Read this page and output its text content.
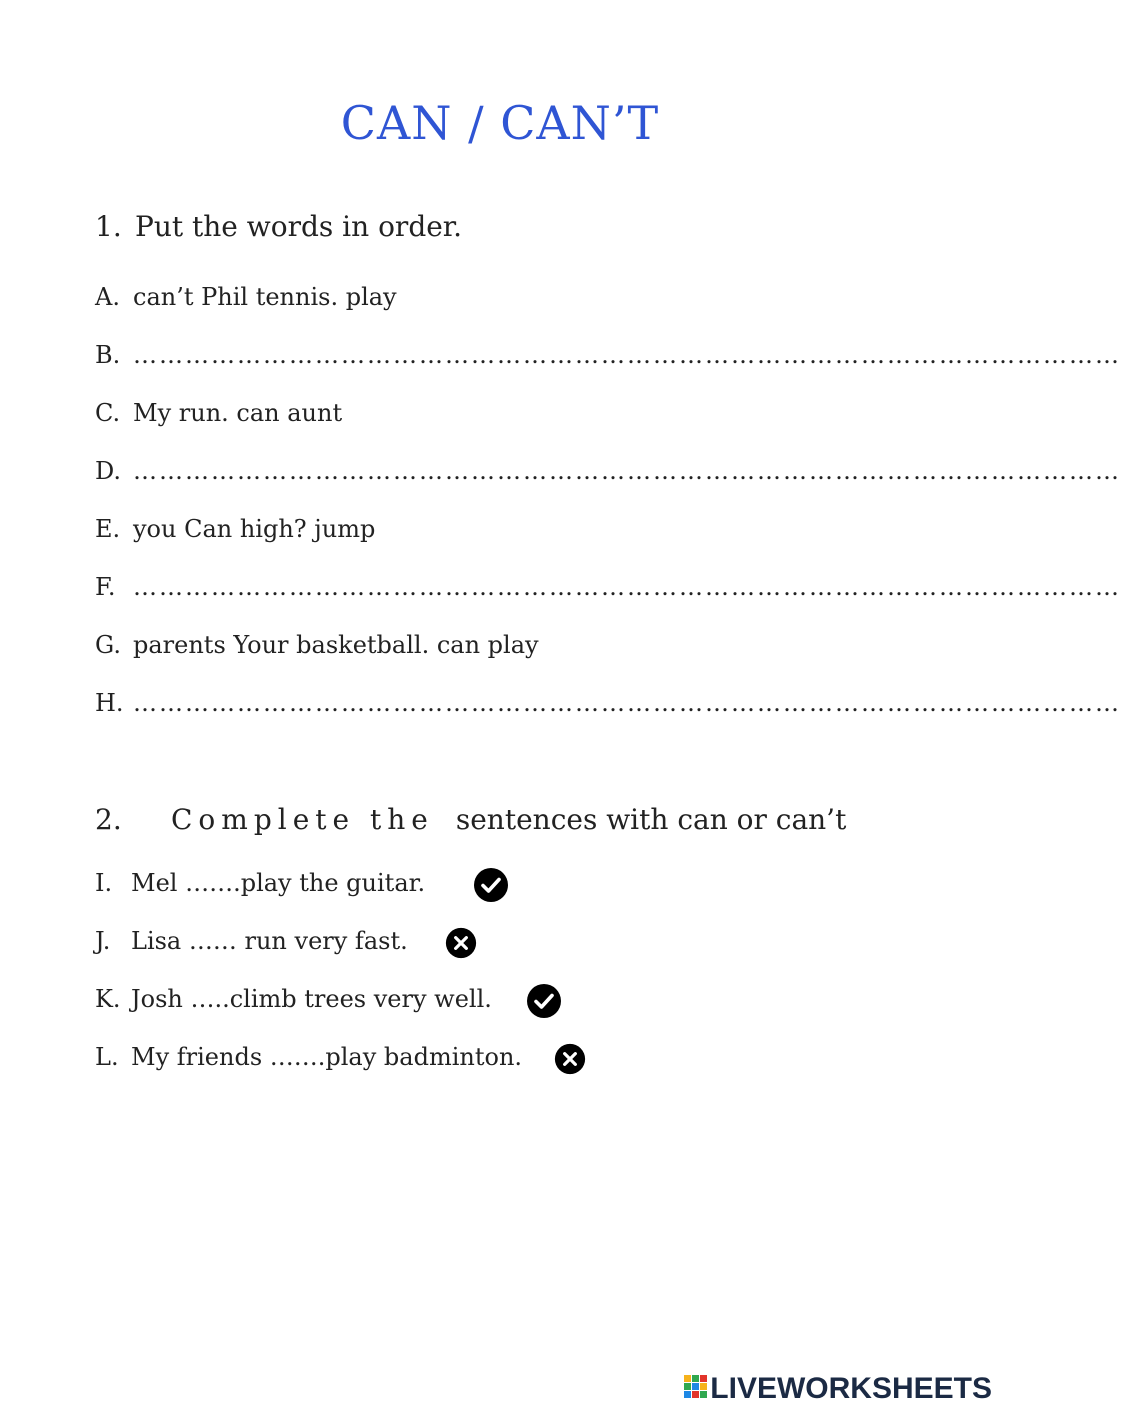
CAN / CAN’T
1. Put the words in order.
A. can’t Phil tennis. play
B. ……………………………………………………………………………………………………
C. My run. can aunt
D. ……………………………………………………………………………………………………
E. you Can high? jump
F. ……………………………………………………………………………………………………
G. parents Your basketball. can play
H. ……………………………………………………………………………………………………
2. Complete the sentences with can or can’t
I. Mel …….play the guitar.
J. Lisa …… run very fast.
K. Josh …..climb trees very well.
L. My friends …….play badminton.
LIVEWORKSHEETS
